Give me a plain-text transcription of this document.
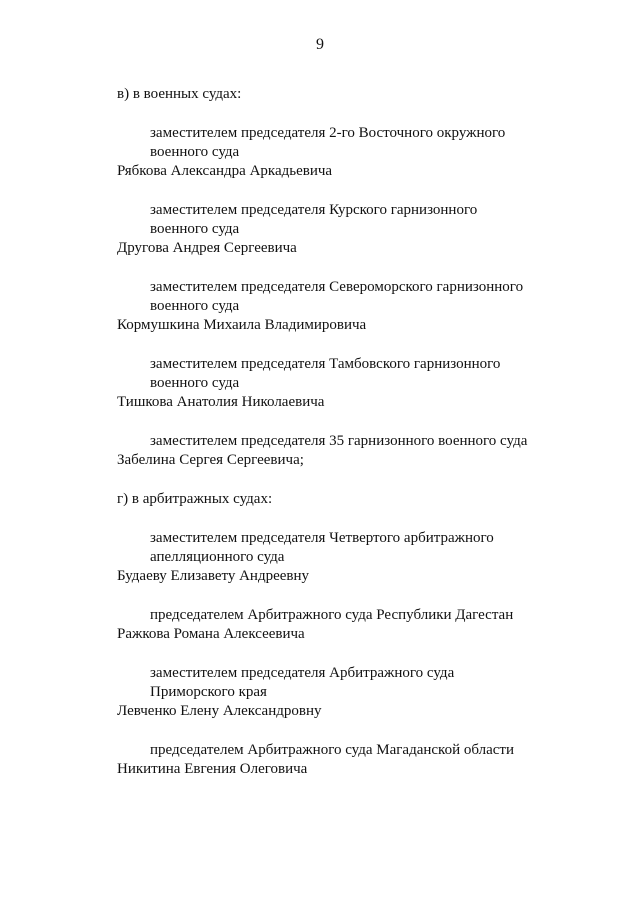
9
в) в военных судах:
заместителем председателя 2-го Восточного окружного
военного суда
Рябкова Александра Аркадьевича
заместителем председателя Курского гарнизонного
военного суда
Другова Андрея Сергеевича
заместителем председателя Североморского гарнизонного
военного суда
Кормушкина Михаила Владимировича
заместителем председателя Тамбовского гарнизонного
военного суда
Тишкова Анатолия Николаевича
заместителем председателя 35 гарнизонного военного суда
Забелина Сергея Сергеевича;
г) в арбитражных судах:
заместителем председателя Четвертого арбитражного
апелляционного суда
Будаеву Елизавету Андреевну
председателем Арбитражного суда Республики Дагестан
Ражкова Романа Алексеевича
заместителем председателя Арбитражного суда
Приморского края
Левченко Елену Александровну
председателем Арбитражного суда Магаданской области
Никитина Евгения Олеговича
